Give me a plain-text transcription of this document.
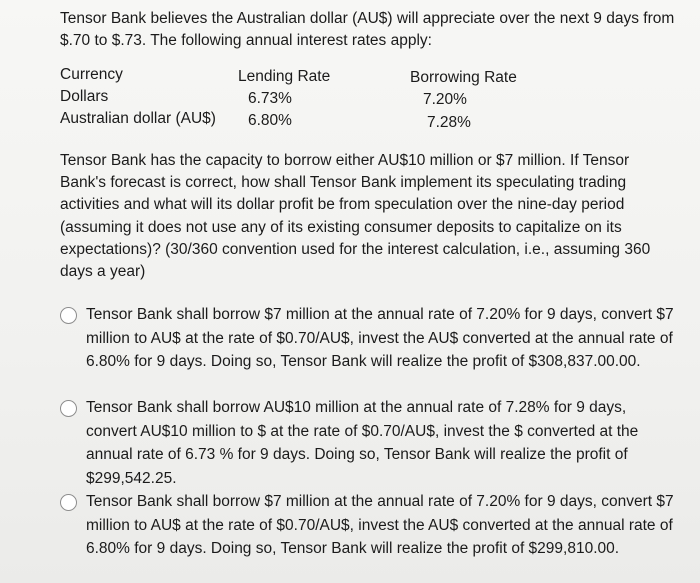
Tensor Bank believes the Australian dollar (AU$) will appreciate over the next 9 days from $.70 to $.73. The following annual interest rates apply:
Currency	Lending Rate	Borrowing Rate
Dollars	6.73%	7.20%
Australian dollar (AU$) 6.80%	7.28%
Tensor Bank has the capacity to borrow either AU$10 million or $7 million. If Tensor Bank's forecast is correct, how shall Tensor Bank implement its speculating trading activities and what will its dollar profit be from speculation over the nine-day period (assuming it does not use any of its existing consumer deposits to capitalize on its expectations)? (30/360 convention used for the interest calculation, i.e., assuming 360 days a year)
Tensor Bank shall borrow $7 million at the annual rate of 7.20% for 9 days, convert $7 million to AU$ at the rate of $0.70/AU$, invest the AU$ converted at the annual rate of 6.80% for 9 days. Doing so, Tensor Bank will realize the profit of $308,837.00.00.
Tensor Bank shall borrow AU$10 million at the annual rate of 7.28% for 9 days, convert AU$10 million to $ at the rate of $0.70/AU$, invest the $ converted at the annual rate of 6.73 % for 9 days. Doing so, Tensor Bank will realize the profit of $299,542.25.
Tensor Bank shall borrow $7 million at the annual rate of 7.20% for 9 days, convert $7 million to AU$ at the rate of $0.70/AU$, invest the AU$ converted at the annual rate of 6.80% for 9 days. Doing so, Tensor Bank will realize the profit of $299,810.00.
